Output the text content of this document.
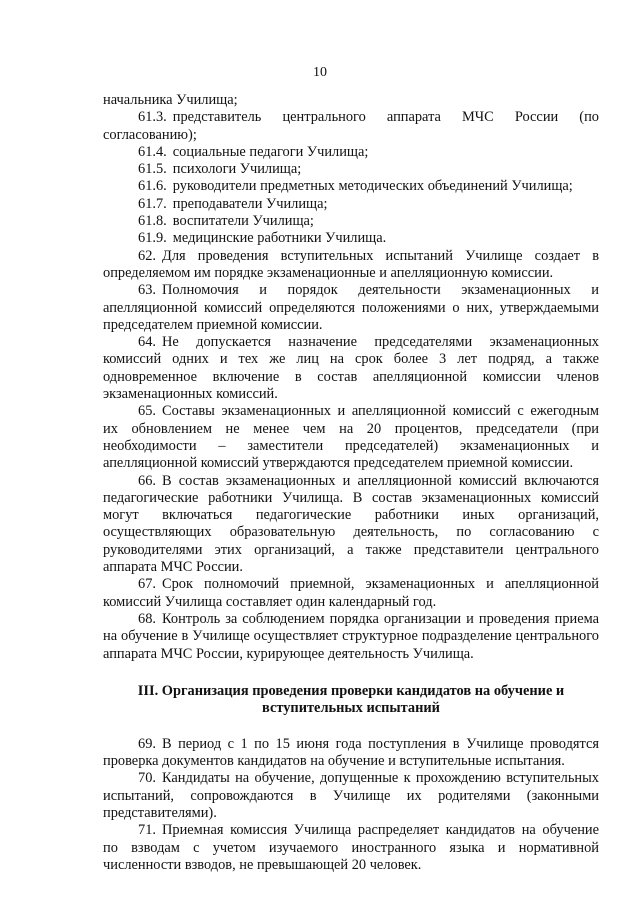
10

начальника Училища;

61.3. представитель центрального аппарата МЧС России (по согласованию);

61.4. социальные педагоги Училища;

61.5. психологи Училища;

61.6. руководители предметных методических объединений Училища;

61.7. преподаватели Училища;

61.8. воспитатели Училища;

61.9. медицинские работники Училища.

62. Для проведения вступительных испытаний Училище создает в определяемом им порядке экзаменационные и апелляционную комиссии.

63. Полномочия и порядок деятельности экзаменационных и апелляционной комиссий определяются положениями о них, утверждаемыми председателем приемной комиссии.

64. Не допускается назначение председателями экзаменационных комиссий одних и тех же лиц на срок более 3 лет подряд, а также одновременное включение в состав апелляционной комиссии членов экзаменационных комиссий.

65. Составы экзаменационных и апелляционной комиссий с ежегодным их обновлением не менее чем на 20 процентов, председатели (при необходимости – заместители председателей) экзаменационных и апелляционной комиссий утверждаются председателем приемной комиссии.

66. В состав экзаменационных и апелляционной комиссий включаются педагогические работники Училища. В состав экзаменационных комиссий могут включаться педагогические работники иных организаций, осуществляющих образовательную деятельность, по согласованию с руководителями этих организаций, а также представители центрального аппарата МЧС России.

67. Срок полномочий приемной, экзаменационных и апелляционной комиссий Училища составляет один календарный год.

68. Контроль за соблюдением порядка организации и проведения приема на обучение в Училище осуществляет структурное подразделение центрального аппарата МЧС России, курирующее деятельность Училища.

III. Организация проведения проверки кандидатов на обучение и вступительных испытаний

69. В период с 1 по 15 июня года поступления в Училище проводятся проверка документов кандидатов на обучение и вступительные испытания.

70. Кандидаты на обучение, допущенные к прохождению вступительных испытаний, сопровождаются в Училище их родителями (законными представителями).

71. Приемная комиссия Училища распределяет кандидатов на обучение по взводам с учетом изучаемого иностранного языка и нормативной численности взводов, не превышающей 20 человек.
